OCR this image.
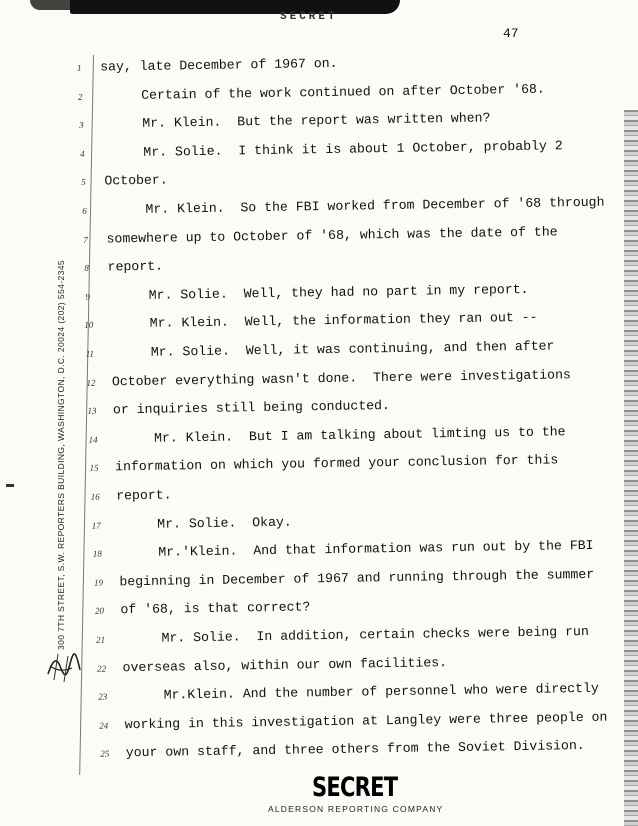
SECRET
47
300 7TH STREET, S.W. REPORTERS BUILDING, WASHINGTON, D.C. 20024 (202) 554-2345
1	say, late December of 1967 on.
2	Certain of the work continued on after October '68.
3	Mr. Klein.  But the report was written when?
4	Mr. Solie.  I think it is about 1 October, probably 2
5	October.
6	Mr. Klein.  So the FBI worked from December of '68 through
7	somewhere up to October of '68, which was the date of the
8	report.
9	Mr. Solie.  Well, they had no part in my report.
10	Mr. Klein.  Well, the information they ran out --
11	Mr. Solie.  Well, it was continuing, and then after
12 October everything wasn't done.  There were investigations
13 or inquiries still being conducted.
14	Mr. Klein.  But I am talking about limting us to the
15 information on which you formed your conclusion for this
16 report.
17	Mr. Solie.  Okay.
18	Mr.'Klein.  And that information was run out by the FBI
19 beginning in December of 1967 and running through the summer
20 of '68, is that correct?
21	Mr. Solie.  In addition, certain checks were being run
22 overseas also, within our own facilities.
23	Mr.Klein. And the number of personnel who were directly
24 working in this investigation at Langley were three people on
25 your own staff, and three others from the Soviet Division.
SECRET
ALDERSON REPORTING COMPANY
